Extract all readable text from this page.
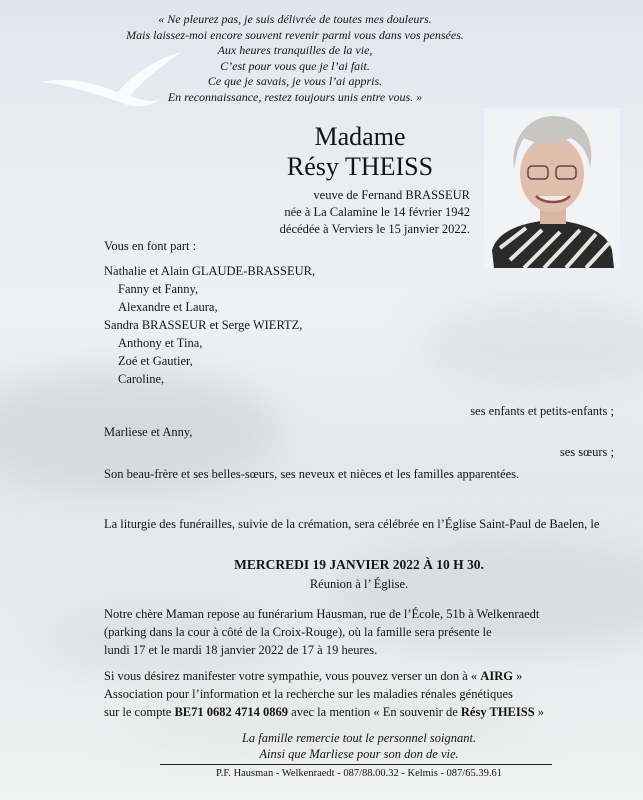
« Ne pleurez pas, je suis délivrée de toutes mes douleurs.
Mais laissez-moi encore souvent revenir parmi vous dans vos pensées.
Aux heures tranquilles de la vie,
C’est pour vous que je l’ai fait.
Ce que je savais, je vous l’ai appris.
En reconnaissance, restez toujours unis entre vous. »
Madame
Résy THEISS
veuve de Fernand BRASSEUR
née à La Calamine le 14 février 1942
décédée à Verviers le 15 janvier 2022.
Vous en font part :
Nathalie et Alain GLAUDE-BRASSEUR,
Fanny et Fanny,
Alexandre et Laura,
Sandra BRASSEUR et Serge WIERTZ,
Anthony et Tina,
Zoé et Gautier,
Caroline,
ses enfants et petits-enfants ;
Marliese et Anny,
ses sœurs ;
Son beau-frère et ses belles-sœurs, ses neveux et nièces et les familles apparentées.
La liturgie des funérailles, suivie de la crémation, sera célébrée en l’Église Saint-Paul de Baelen, le
MERCREDI 19 JANVIER 2022 À 10 H 30.
Réunion à l’ Église.
Notre chère Maman repose au funérarium Hausman, rue de l’École, 51b à Welkenraedt
(parking dans la cour à côté de la Croix-Rouge), où la famille sera présente le
lundi 17 et le mardi 18 janvier 2022 de 17 à 19 heures.
Si vous désirez manifester votre sympathie, vous pouvez verser un don à « AIRG »
Association pour l’information et la recherche sur les maladies rénales génétiques
sur le compte BE71 0682 4714 0869 avec la mention « En souvenir de Résy THEISS »
La famille remercie tout le personnel soignant.
Ainsi que Marliese pour son don de vie.
P.F. Hausman - Welkenraedt - 087/88.00.32 - Kelmis - 087/65.39.61
